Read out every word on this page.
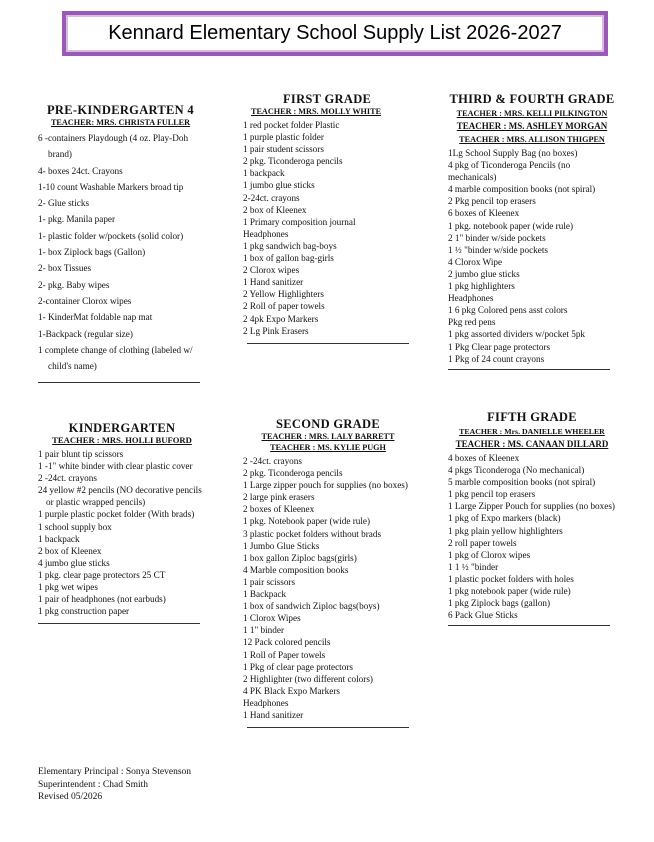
Kennard Elementary School Supply List 2026-2027

PRE-KINDERGARTEN 4

TEACHER: MRS. CHRISTA FULLER

6 -containers Playdough (4 oz. Play-Doh brand)
4- boxes 24ct. Crayons
1-10 count Washable Markers broad tip
2- Glue sticks
1- pkg. Manila paper
1- plastic folder w/pockets (solid color)
1- box Ziplock bags (Gallon)
2- box Tissues
2- pkg. Baby wipes
2-container Clorox wipes
1- KinderMat foldable nap mat
1-Backpack (regular size)
1 complete change of clothing (labeled w/ child's name)

FIRST GRADE

TEACHER : MRS. MOLLY WHITE

1 red pocket folder Plastic
1 purple plastic folder
1 pair student scissors
2 pkg. Ticonderoga pencils
1 backpack
1 jumbo glue sticks
2-24ct. crayons
2 box of Kleenex
1 Primary composition journal
Headphones
1 pkg sandwich bag-boys
1 box of gallon bag-girls
2 Clorox wipes
1 Hand sanitizer
2 Yellow Highlighters
2 Roll of paper towels
2 4pk Expo Markers
2 Lg Pink Erasers

THIRD & FOURTH GRADE

TEACHER : MRS. KELLI PILKINGTON

TEACHER : MS. ASHLEY MORGAN

TEACHER : MRS. ALLISON THIGPEN

1Lg School Supply Bag (no boxes)
4 pkg of Ticonderoga Pencils (no mechanicals)
4 marble composition books (not spiral)
2 Pkg pencil top erasers
6 boxes of Kleenex
1 pkg. notebook paper (wide rule)
2 1" binder w/side pockets
1 ½ "binder w/side pockets
4 Clorox Wipe
2 jumbo glue sticks
1 pkg highlighters
Headphones
1 6 pkg Colored pens asst colors
Pkg red pens
1 pkg assorted dividers w/pocket 5pk
1 Pkg Clear page protectors
1 Pkg of 24 count crayons

KINDERGARTEN

TEACHER : MRS. HOLLI BUFORD

1 pair blunt tip scissors
1 -1" white binder with clear plastic cover
2 -24ct. crayons
24 yellow #2 pencils (NO decorative pencils or plastic wrapped pencils)
1 purple plastic pocket folder (With brads)
1 school supply box
1 backpack
2 box of Kleenex
4 jumbo glue sticks
1 pkg. clear page protectors 25 CT
1 pkg wet wipes
1 pair of headphones (not earbuds)
1 pkg construction paper

SECOND GRADE

TEACHER : MRS. LALY BARRETT

TEACHER : MS. KYLIE PUGH

2 -24ct. crayons
2 pkg. Ticonderoga pencils
1 Large zipper pouch for supplies (no boxes)
2 large pink erasers
2 boxes of Kleenex
1 pkg. Notebook paper (wide rule)
3 plastic pocket folders without brads
1 Jumbo Glue Sticks
1 box gallon Ziploc bags(girls)
4 Marble composition books
1 pair scissors
1 Backpack
1 box of sandwich Ziploc bags(boys)
1 Clorox Wipes
1 1" binder
12 Pack colored pencils
1 Roll of Paper towels
1 Pkg of clear page protectors
2 Highlighter (two different colors)
4 PK Black Expo Markers
Headphones
1 Hand sanitizer

FIFTH GRADE

TEACHER : Mrs. DANIELLE WHEELER

TEACHER : MS. CANAAN DILLARD

4 boxes of Kleenex
4 pkgs Ticonderoga (No mechanical)
5 marble composition books (not spiral)
1 pkg pencil top erasers
1 Large Zipper Pouch for supplies (no boxes)
1 pkg of Expo markers (black)
1 pkg plain yellow highlighters
2 roll paper towels
1 pkg of Clorox wipes
1 1 ½ "binder
1 plastic pocket folders with holes
1 pkg notebook paper (wide rule)
1 pkg Ziplock bags (gallon)
6 Pack Glue Sticks
Elementary Principal : Sonya Stevenson
Superintendent : Chad Smith
Revised 05/2026
